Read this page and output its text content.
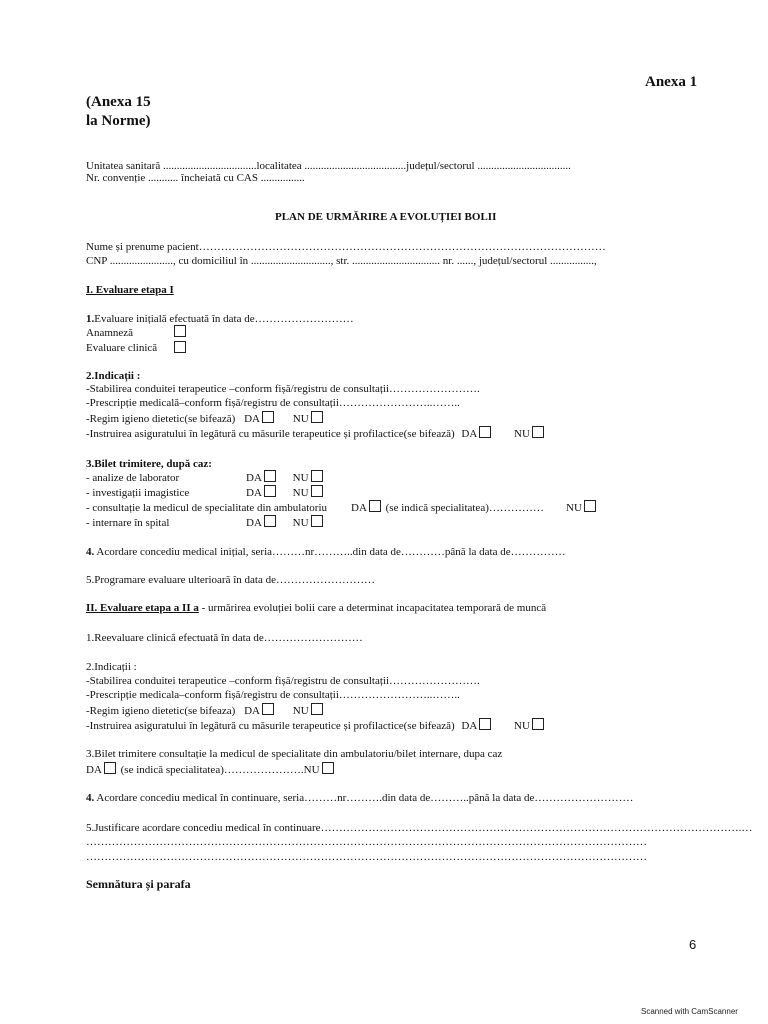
Anexa 1
(Anexa 15
la Norme)
Unitatea sanitară ..................................localitatea .....................................județul/sectorul ..................................
Nr. convenție ........... încheiată cu CAS ................
PLAN DE URMĂRIRE A EVOLUȚIEI BOLII
Nume și prenume pacient…………………………………………………………………………………………………
CNP ......................., cu domiciliul în ............................., str. ................................ nr. ......, județul/sectorul ................,
I. Evaluare etapa I
1.Evaluare inițială efectuată în data de………………………
Anamneză
Evaluare clinică
2.Indicații :
-Stabilirea conduitei terapeutice –conform fișă/registru de consultații…………………….
-Prescripție medicală–conform fișă/registru de consultații……………………..……..
-Regim igieno dietetic(se bifează) DA	NU
-Instruirea asiguratului în legătură cu măsurile terapeutice și profilactice(se bifează) DA	NU
3.Bilet trimitere, după caz:
- analize de laborator	DA	NU
- investigații imagistice	DA	NU
- consultație la medicul de specialitate din ambulatoriu DA (se indică specialitatea)…………… NU
- internare în spital	DA	NU
4. Acordare concediu medical inițial, seria………nr………..din data de…………până la data de……………
5.Programare evaluare ulterioară în data de………………………
II. Evaluare etapa a II a - urmărirea evoluției bolii care a determinat incapacitatea temporară de muncă
1.Reevaluare clinică efectuată în data de………………………
2.Indicații :
-Stabilirea conduitei terapeutice –conform fișă/registru de consultații…………………….
-Prescripție medicala–conform fișă/registru de consultații……………………..……..
-Regim igieno dietetic(se bifeaza) DA	NU
-Instruirea asiguratului în legătură cu măsurile terapeutice și profilactice(se bifează) DA	NU
3.Bilet trimitere consultație la medicul de specialitate din ambulatoriu/bilet internare, dupa caz
DA (se indică specialitatea)………………….NU
4. Acordare concediu medical în continuare, seria………nr……….din data de………..până la data de………………………
5.Justificare acordare concediu medical în continuare…………………………………………………………………………………………………….…
………………………………………………………………………………………………………………………………………
………………………………………………………………………………………………………………………………………
Semnătura și parafa
6
Scanned with CamScanner
